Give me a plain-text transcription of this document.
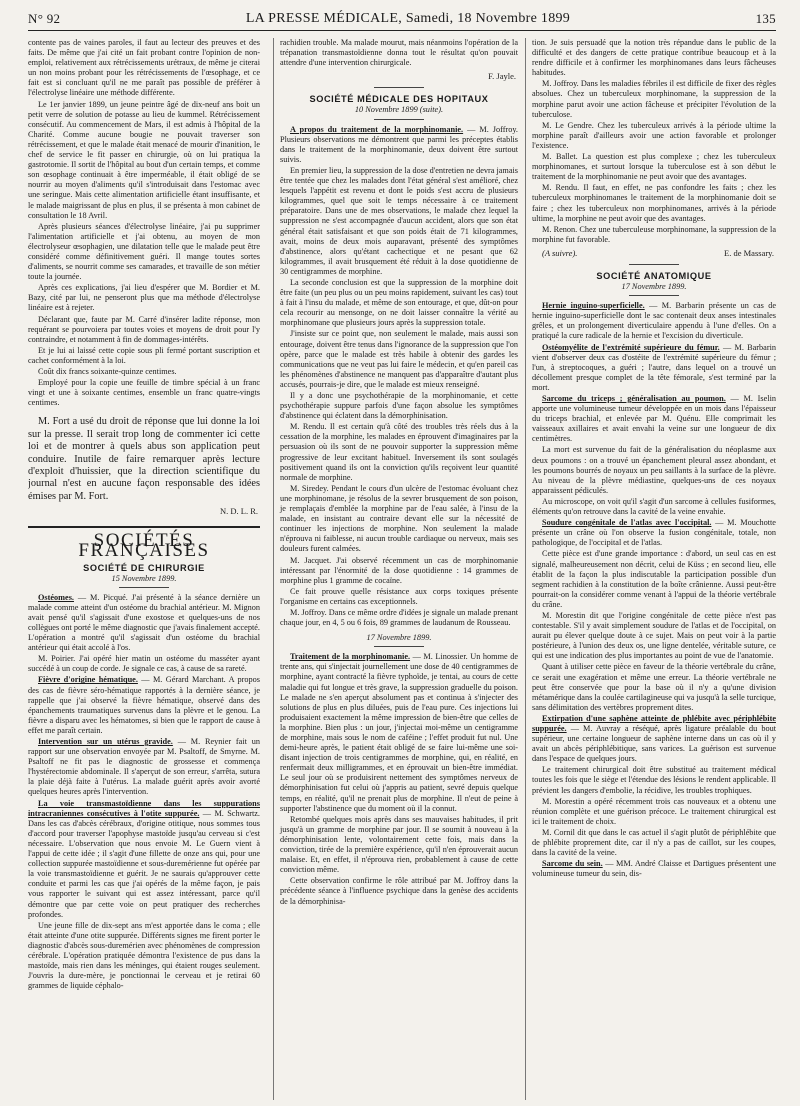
N° 92	LA PRESSE MÉDICALE, Samedi, 18 Novembre 1899	135

contente pas de vaines paroles, il faut au lecteur des preuves et des faits. De même que j'ai cité un fait probant contre l'opinion de non-emploi, relativement aux rétrécissements urétraux, de même je citerai un non moins probant pour les rétrécissements de l'œsophage, et ce fait est si concluant qu'il ne me paraît pas possible de préférer à l'électrolyse linéaire une méthode différente.

Le 1er janvier 1899, un jeune peintre âgé de dix-neuf ans boit un petit verre de solution de potasse au lieu de kummel. Rétrécissement consécutif. Au commencement de Mars, il est admis à l'hôpital de la Charité. Comme aucune bougie ne pouvait traverser son rétrécissement, et que le malade était menacé de mourir d'inanition, le chef de service le fit passer en chirurgie, où on lui pratiqua la gastrotomie. Il sortit de l'hôpital au bout d'un certain temps, et comme son œsophage continuait à être imperméable, il était obligé de se nourrir au moyen d'aliments qu'il s'introduisait dans l'estomac avec une seringue. Mais cette alimentation artificielle étant insuffisante, et le malade maigrissant de plus en plus, il se présenta à mon cabinet de consultation le 18 Avril.

Après plusieurs séances d'électrolyse linéaire, j'ai pu supprimer l'alimentation artificielle et j'ai obtenu, au moyen de mon électrolyseur œsophagien, une dilatation telle que le malade peut être considéré comme définitivement guéri. Il mange toutes sortes d'aliments, se nourrit comme ses camarades, et travaille de son métier toute la journée.

Après ces explications, j'ai lieu d'espérer que M. Bordier et M. Bazy, cité par lui, ne penseront plus que ma méthode d'électrolyse linéaire est à rejeter.

Déclarant que, faute par M. Carré d'insérer ladite réponse, mon requérant se pourvoiera par toutes voies et moyens de droit pour l'y contraindre, et notamment à fin de dommages-intérêts.

Et je lui ai laissé cette copie sous pli fermé portant suscription et cachet conformément à la loi.

Coût dix francs soixante-quinze centimes.

Employé pour la copie une feuille de timbre spécial à un franc vingt et une à soixante centimes, ensemble un franc quatre-vingts centimes.

M. Fort a usé du droit de réponse que lui donne la loi sur la presse. Il serait trop long de commenter ici cette loi et de montrer à quels abus son application peut conduire. Inutile de faire remarquer après lecture d'exploit d'huissier, que la direction scientifique du journal n'est en aucune façon responsable des idées émises par M. Fort.

N. D. L. R.
SOCIÉTÉS FRANÇAISES
SOCIÉTÉ DE CHIRURGIE
15 Novembre 1899.

Ostéomes. — M. Picqué. J'ai présenté à la séance dernière un malade comme atteint d'un ostéome du brachial antérieur. M. Mignon avait pensé qu'il s'agissait d'une exostose et quelques-uns de nos collègues ont porté le même diagnostic que j'avais finalement accepté. L'opération a montré qu'il s'agissait d'un ostéome du brachial antérieur qui était accolé à l'os.

M. Poirier. J'ai opéré hier matin un ostéome du masséter ayant succédé à un coup de corde. Je signale ce cas, à cause de sa rareté.

Fièvre d'origine hématique. — M. Gérard Marchant. A propos des cas de fièvre séro-hématique rapportés à la dernière séance, je rappelle que j'ai observé la fièvre hématique, observé dans des épanchements traumatiques survenus dans la plèvre et le genou. La fièvre a disparu avec les hématomes, si bien que le rapport de cause à effet me paraît certain.

Intervention sur un utérus gravide. — M. Reynier fait un rapport sur une observation envoyée par M. Psaltoff, de Smyrne. M. Psaltoff ne fit pas le diagnostic de grossesse et commença l'hystérectomie abdominale. Il s'aperçut de son erreur, s'arrêta, sutura la plaie déjà faite à l'utérus. La malade guérit après avoir avorté quelques heures après l'intervention.

La voie transmastoïdienne dans les suppurations intracraniennes consécutives à l'otite suppurée. — M. Schwartz. Dans les cas d'abcès cérébraux, d'origine otitique, nous sommes tous d'accord pour traverser l'apophyse mastoïde jusqu'au cerveau si c'est nécessaire. L'observation que nous envoie M. Le Guern vient à l'appui de cette idée ; il s'agit d'une fillette de onze ans qui, pour une collection suppurée mastoïdienne et sous-duremérienne fut opérée par la voie transmastoïdienne et guérit. Je ne saurais qu'approuver cette conduite et parmi les cas que j'ai opérés de la même façon, je pais vous rapporter le suivant qui est assez intéressant, parce qu'il démontre que par cette voie on peut pratiquer des recherches profondes.

Une jeune fille de dix-sept ans m'est apportée dans le coma ; elle était atteinte d'une otite suppurée. Différents signes me firent porter le diagnostic d'abcès sous-duremérien avec phénomènes de compression cérébrale. L'opération pratiquée démontra l'existence de pus dans la mastoïde, mais rien dans les méninges, qui étaient rouges seulement. J'ouvris la dure-mère, je ponctionnai le cerveau et je retirai 60 grammes de liquide céphalo-

rachidien trouble. Ma malade mourut, mais néanmoins l'opération de la trépanation transmastoïdienne donna tout le résultat qu'on pouvait attendre d'une intervention chirurgicale.

F. Jayle.
SOCIÉTÉ MÉDICALE DES HOPITAUX
10 Novembre 1899 (suite).

A propos du traitement de la morphinomanie. — M. Joffroy. Plusieurs observations me démontrent que parmi les préceptes établis dans le traitement de la morphinomanie, deux doivent être surtout suivis.

En premier lieu, la suppression de la dose d'entretien ne devra jamais être tentée que chez les malades dont l'état général s'est amélioré, chez lesquels l'appétit est revenu et dont le poids s'est accru de plusieurs kilogrammes, quel que soit le temps nécessaire à ce traitement préparatoire. Dans une de mes observations, le malade chez lequel la suppression ne s'est accompagnée d'aucun accident, alors que son état général était satisfaisant et que son poids était de 71 kilogrammes, avait, moins de deux mois auparavant, présenté des symptômes d'abstinence, alors qu'étant cachectique et ne pesant que 62 kilogrammes, il avait brusquement été réduit à la dose quotidienne de 30 centigrammes de morphine.

La seconde conclusion est que la suppression de la morphine doit être faite (un peu plus ou un peu moins rapidement, suivant les cas) tout à fait à l'insu du malade, et même de son entourage, et que, dût-on pour cela recourir au mensonge, on ne doit laisser connaître la vérité au morphinomane que plusieurs jours après la suppression totale.

J'insiste sur ce point que, non seulement le malade, mais aussi son entourage, doivent être tenus dans l'ignorance de la suppression que l'on opère, parce que le malade est très habile à obtenir des gardes les communications que ne veut pas lui faire le médecin, et qu'en pareil cas les phénomènes d'abstinence ne manquent pas d'apparaître d'autant plus accusés, pourrais-je dire, que le malade est mieux renseigné.

Il y a donc une psychothérapie de la morphinomanie, et cette psychothérapie suppure parfois d'une façon absolue les symptômes d'abstinence qui éclatent dans la démorphinisation.

M. Rendu. Il est certain qu'à côté des troubles très réels dus à la cessation de la morphine, les malades en éprouvent d'imaginaires par la persuasion où ils sont de ne pouvoir supporter la suppression même progressive de leur excitant habituel. Inversement ils sont soulagés positivement quand ils ont la conviction qu'ils reçoivent leur quantité normale de morphine.

M. Siredey. Pendant le cours d'un ulcère de l'estomac évoluant chez une morphinomane, je résolus de la sevrer brusquement de son poison, je remplaçais d'emblée la morphine par de l'eau salée, à l'insu de la malade, en insistant au contraire devant elle sur la nécessité de continuer les injections de morphine. Non seulement la malade n'éprouva ni faiblesse, ni aucun trouble cardiaque ou nerveux, mais ses douleurs furent calmées.

M. Jacquet. J'ai observé récemment un cas de morphinomanie intéressant par l'énormité de la dose quotidienne : 14 grammes de morphine plus 1 gramme de cocaïne.

Ce fait prouve quelle résistance aux corps toxiques présente l'organisme en certains cas exceptionnels.

M. Joffroy. Dans ce même ordre d'idées je signale un malade prenant chaque jour, en 4, 5 ou 6 fois, 89 grammes de laudanum de Rousseau.

17 Novembre 1899.

Traitement de la morphinomanie. — M. Linossier. Un homme de trente ans, qui s'injectait journellement une dose de 40 centigrammes de morphine, ayant contracté la fièvre typhoïde, je tentai, au cours de cette maladie qui fut longue et très grave, la suppression graduelle du poison. Le malade ne s'en aperçut absolument pas et continua à s'injecter des solutions de plus en plus diluées, puis de l'eau pure. Ces injections lui produisaient exactement la même impression de bien-être que celles de la morphine. Bien plus : un jour, j'injectai moi-même un centigramme de morphine, mais sous le nom de caféine ; l'effet produit fut nul. Une demi-heure après, le patient était obligé de se faire lui-même une soi-disant injection de trois centigrammes de morphine, qui, en réalité, en renfermait deux milligrammes, et en éprouvait un bien-être immédiat. Le seul jour où se produisirent nettement des symptômes nerveux de démorphinisation fut celui où j'appris au patient, sevré depuis quelque temps, en réalité, qu'il ne prenait plus de morphine. Il n'eut de peine à supporter l'abstinence que du moment où il la connut.

Retombé quelques mois après dans ses mauvaises habitudes, il prit jusqu'à un gramme de morphine par jour. Il se soumit à nouveau à la démorphinisation lente, volontairement cette fois, mais dans la conviction, tirée de la première expérience, qu'il n'en éprouverait aucun malaise. Et, en effet, il n'éprouva rien, probablement à cause de cette conviction même.

Cette observation confirme le rôle attribué par M. Joffroy dans la précédente séance à l'influence psychique dans la genèse des accidents de la démorphinisa-

tion. Je suis persuadé que la notion très répandue dans le public de la difficulté et des dangers de cette pratique contribue beaucoup et à la rendre difficile et à confirmer les morphinomanes dans leurs fâcheuses habitudes.

M. Joffroy. Dans les maladies fébriles il est difficile de fixer des règles absolues. Chez un tuberculeux morphinomane, la suppression de la morphine parut avoir une action fâcheuse et précipiter l'évolution de la tuberculose.

M. Le Gendre. Chez les tuberculeux arrivés à la période ultime la morphine paraît d'ailleurs avoir une action favorable et prolonger l'existence.

M. Ballet. La question est plus complexe ; chez les tuberculeux morphinomanes, et surtout lorsque la tuberculose est à son début le traitement de la morphinomanie ne peut avoir que des avantages.

M. Rendu. Il faut, en effet, ne pas confondre les faits ; chez les tuberculeux morphinomanes le traitement de la morphinomanie doit se faire ; chez les tuberculeux non morphinomanes, arrivés à la période ultime, la morphine ne peut avoir que des avantages.

M. Renon. Chez une tuberculeuse morphinomane, la suppression de la morphine fut favorable.

(A suivre).	E. de Massary.
SOCIÉTÉ ANATOMIQUE
17 Novembre 1899.

Hernie inguino-superficielle. — M. Barbarin présente un cas de hernie inguino-superficielle dont le sac contenait deux anses intestinales grêles, et un prolongement diverticulaire appendu à l'une d'elles. On a pratiqué la cure radicale de la hernie et l'excision du diverticule.

Ostéomyélite de l'extrémité supérieure du fémur. — M. Barbarin vient d'observer deux cas d'ostéite de l'extrémité supérieure du fémur ; l'un, à streptocoques, a guéri ; l'autre, dans lequel on a trouvé un décollement presque complet de la tête fémorale, s'est terminé par la mort.

Sarcome du triceps ; généralisation au poumon. — M. Iselin apporte une volumineuse tumeur développée en un mois dans l'épaisseur du triceps brachial, et enlevée par M. Quénu. Elle comprimait les vaisseaux axillaires et avait envahi la veine sur une longueur de dix centimètres.

La mort est survenue du fait de la généralisation du néoplasme aux deux poumons : on a trouvé un épanchement pleural assez abondant, et les poumons bourrés de noyaux un peu saillants à la surface de la plèvre. Au niveau de la plèvre médiastine, quelques-uns de ces noyaux apparaissent pédiculés.

Au microscope, on voit qu'il s'agit d'un sarcome à cellules fusiformes, éléments qu'on retrouve dans la cavité de la veine envahie.

Soudure congénitale de l'atlas avec l'occipital. — M. Mouchotte présente un crâne où l'on observe la fusion congénitale, totale, non pathologique, de l'occipital et de l'atlas.

Cette pièce est d'une grande importance : d'abord, un seul cas en est signalé, malheureusement non décrit, celui de Küss ; en second lieu, elle établit de la façon la plus indiscutable la participation possible d'un segment rachidien à la constitution de la boîte crânienne. Aussi peut-être pourrait-on la considérer comme venant à l'appui de la théorie vertébrale du crâne.

M. Morestin dit que l'origine congénitale de cette pièce n'est pas contestable. S'il y avait simplement soudure de l'atlas et de l'occipital, on aurait pu élever quelque doute à ce sujet. Mais on peut voir à la partie postérieure, à l'union des deux os, une ligne dentelée, véritable suture, ce qui est une indication des plus importantes au point de vue de l'anatomie.

Quant à utiliser cette pièce en faveur de la théorie vertébrale du crâne, ce serait une exagération et même une erreur. La théorie vertébrale ne peut être conservée que pour la base où il n'y a qu'une division métamérique dans la coulée cartilagineuse qui va jusqu'à la selle turcique, sans délimitation des vertèbres proprement dites.

Extirpation d'une saphène atteinte de phlébite avec périphlébite suppurée. — M. Auvray a réséqué, après ligature préalable du bout supérieur, une certaine longueur de saphène interne dans un cas où il y avait un abcès périphlébitique, sans varices. La guérison est survenue dans l'espace de quelques jours.

Le traitement chirurgical doit être substitué au traitement médical toutes les fois que le siège et l'étendue des lésions le rendent applicable. Il prévient les dangers d'embolie, la récidive, les troubles trophiques.

M. Morestin a opéré récemment trois cas nouveaux et a obtenu une réunion complète et une guérison précoce. Le traitement chirurgical est ici le traitement de choix.

M. Cornil dit que dans le cas actuel il s'agit plutôt de périphlébite que de phlébite proprement dite, car il n'y a pas de caillot, sur les coupes, dans la cavité de la veine.

Sarcome du sein. — MM. André Claisse et Dartigues présentent une volumineuse tumeur du sein, dis-
